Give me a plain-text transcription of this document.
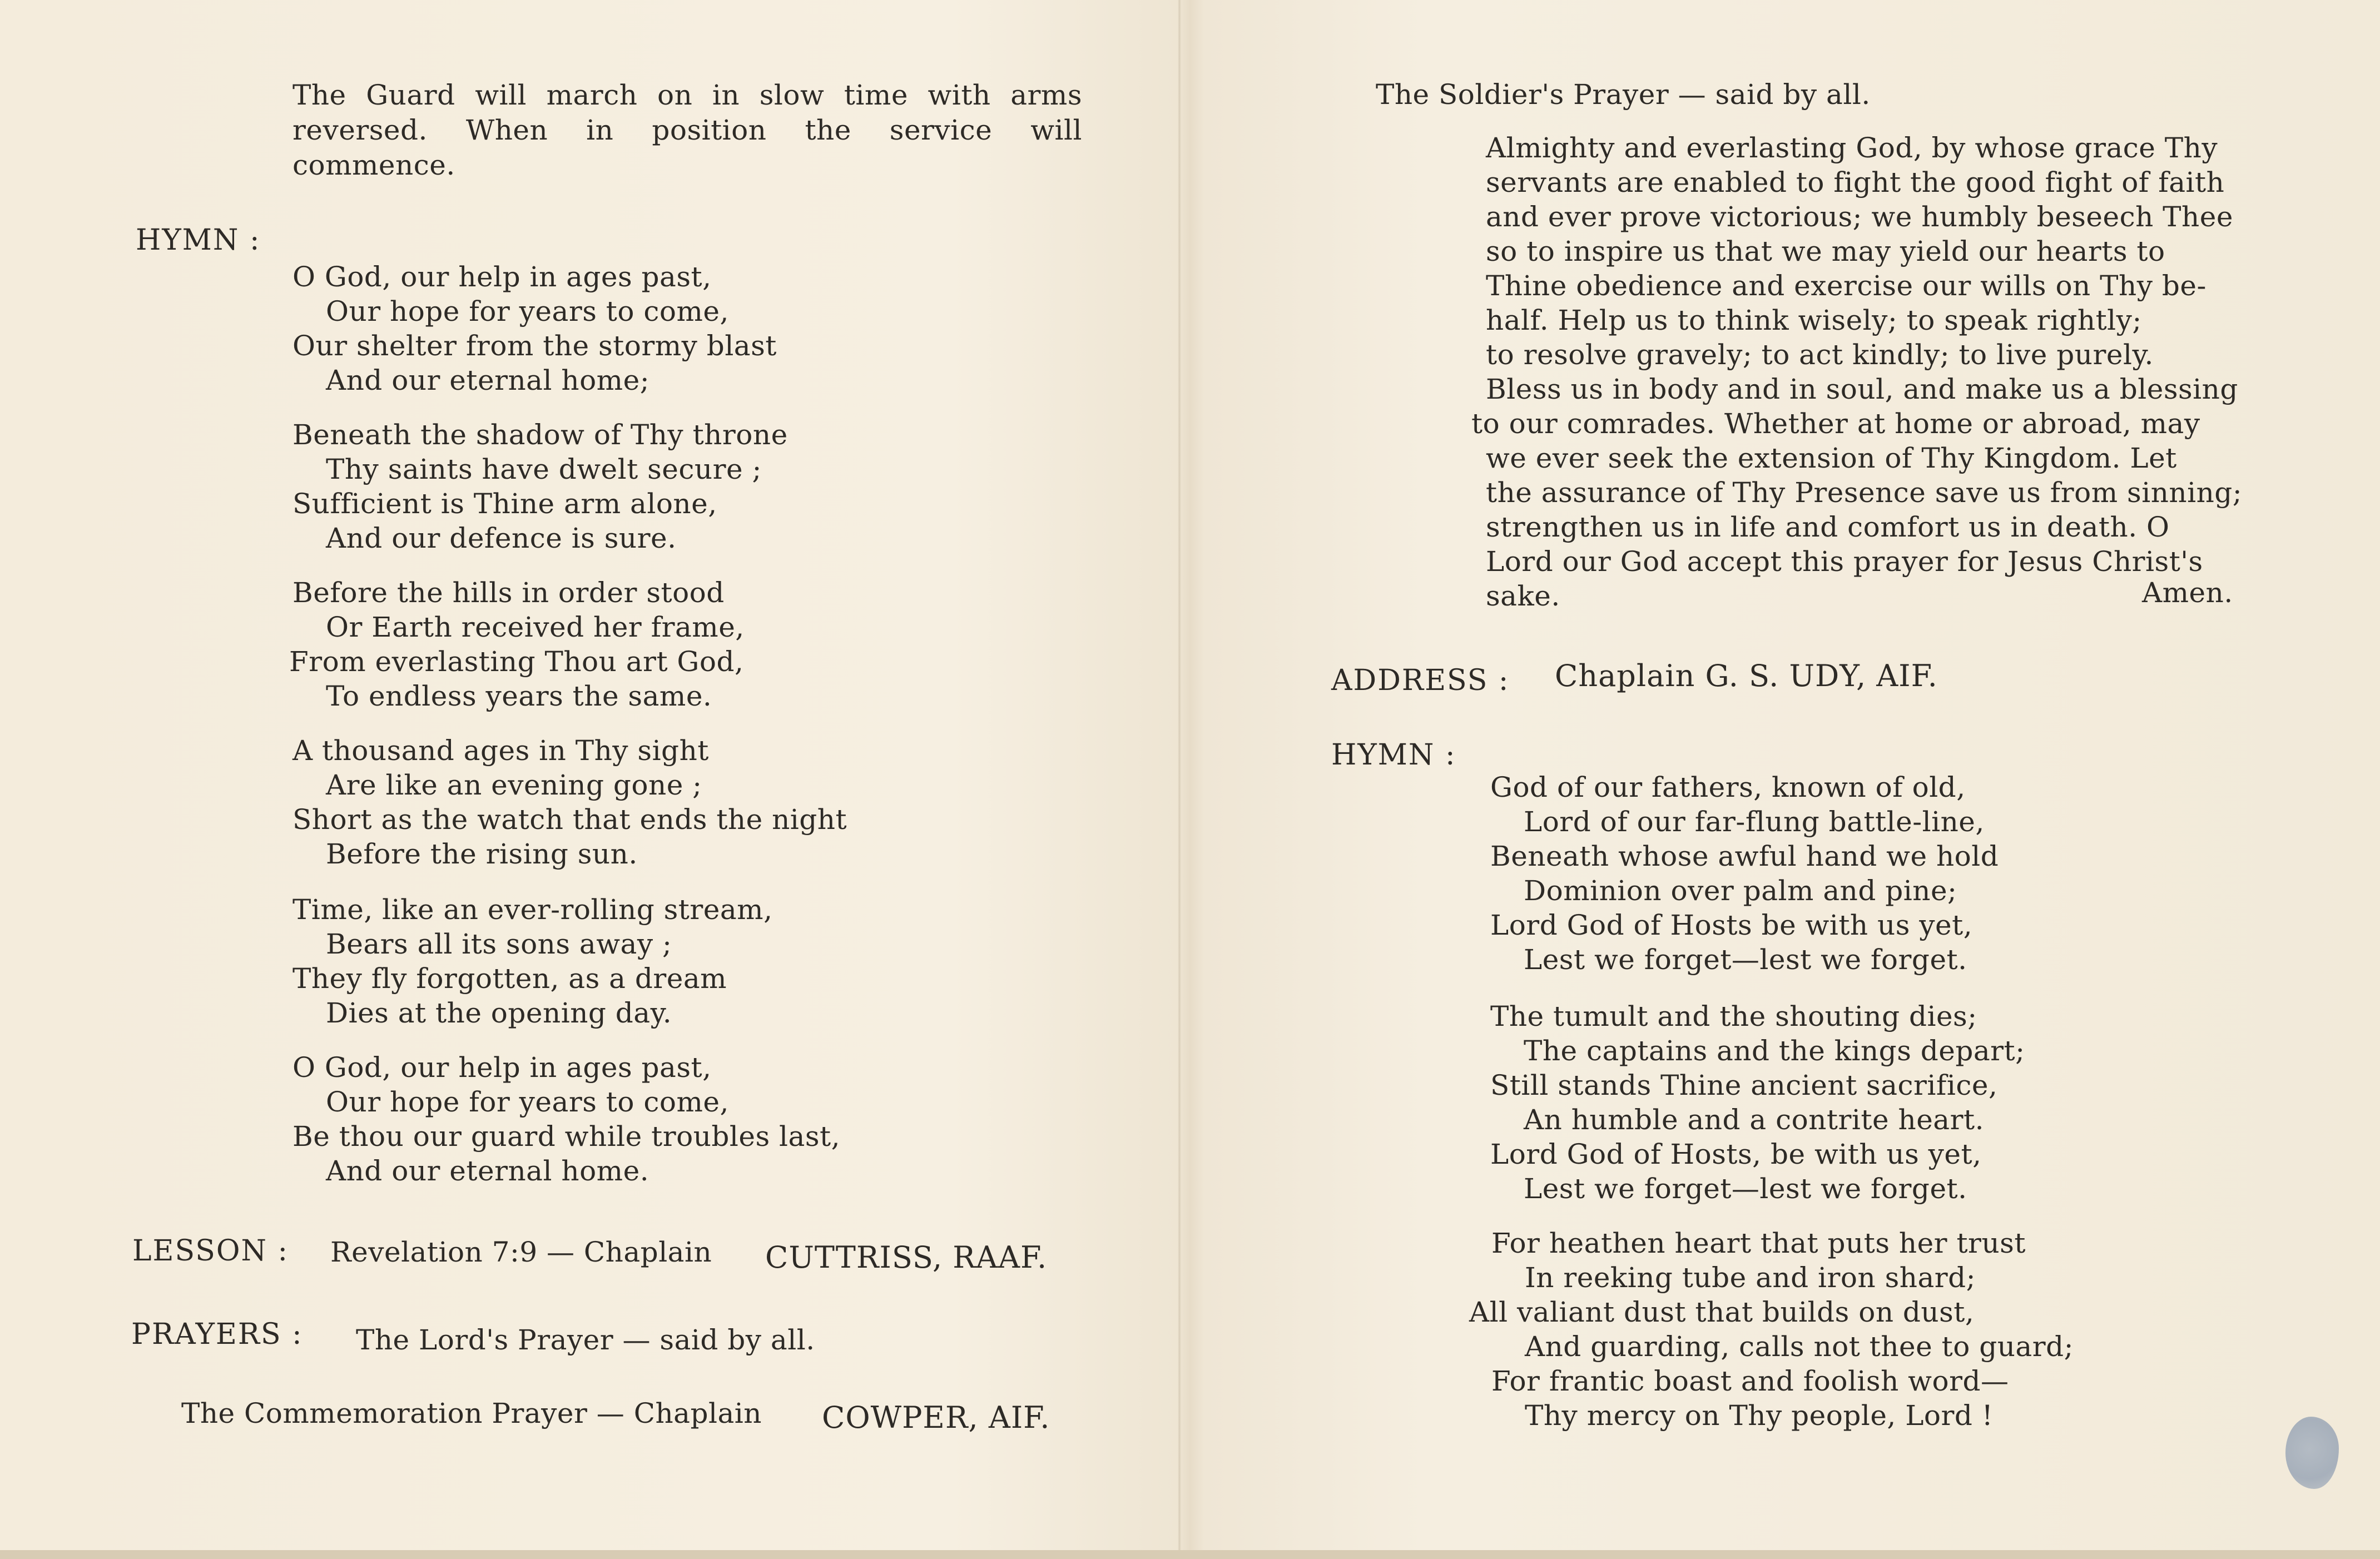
The Guard will march on in slow time with arms
reversed. When in position the service will
commence.
HYMN :
O God, our help in ages past,
Our hope for years to come,
Our shelter from the stormy blast
And our eternal home;
Beneath the shadow of Thy throne
Thy saints have dwelt secure ;
Sufficient is Thine arm alone,
And our defence is sure.
Before the hills in order stood
Or Earth received her frame,
From everlasting Thou art God,
To endless years the same.
A thousand ages in Thy sight
Are like an evening gone ;
Short as the watch that ends the night
Before the rising sun.
Time, like an ever-rolling stream,
Bears all its sons away ;
They fly forgotten, as a dream
Dies at the opening day.
O God, our help in ages past,
Our hope for years to come,
Be thou our guard while troubles last,
And our eternal home.
LESSON : Revelation 7:9 — Chaplain CUTTRISS, RAAF.
PRAYERS : The Lord's Prayer — said by all.
The Commemoration Prayer — Chaplain COWPER, AIF.
The Soldier's Prayer — said by all.
Almighty and everlasting God, by whose grace Thy
servants are enabled to fight the good fight of faith
and ever prove victorious; we humbly beseech Thee
so to inspire us that we may yield our hearts to
Thine obedience and exercise our wills on Thy be-
half. Help us to think wisely; to speak rightly;
to resolve gravely; to act kindly; to live purely.
Bless us in body and in soul, and make us a blessing
to our comrades. Whether at home or abroad, may
we ever seek the extension of Thy Kingdom. Let
the assurance of Thy Presence save us from sinning;
strengthen us in life and comfort us in death. O
Lord our God accept this prayer for Jesus Christ's
sake.	Amen.
ADDRESS : Chaplain G. S. UDY, AIF.
HYMN :
God of our fathers, known of old,
Lord of our far-flung battle-line,
Beneath whose awful hand we hold
Dominion over palm and pine;
Lord God of Hosts be with us yet,
Lest we forget—lest we forget.
The tumult and the shouting dies;
The captains and the kings depart;
Still stands Thine ancient sacrifice,
An humble and a contrite heart.
Lord God of Hosts, be with us yet,
Lest we forget—lest we forget.
For heathen heart that puts her trust
In reeking tube and iron shard;
All valiant dust that builds on dust,
And guarding, calls not thee to guard;
For frantic boast and foolish word—
Thy mercy on Thy people, Lord !
